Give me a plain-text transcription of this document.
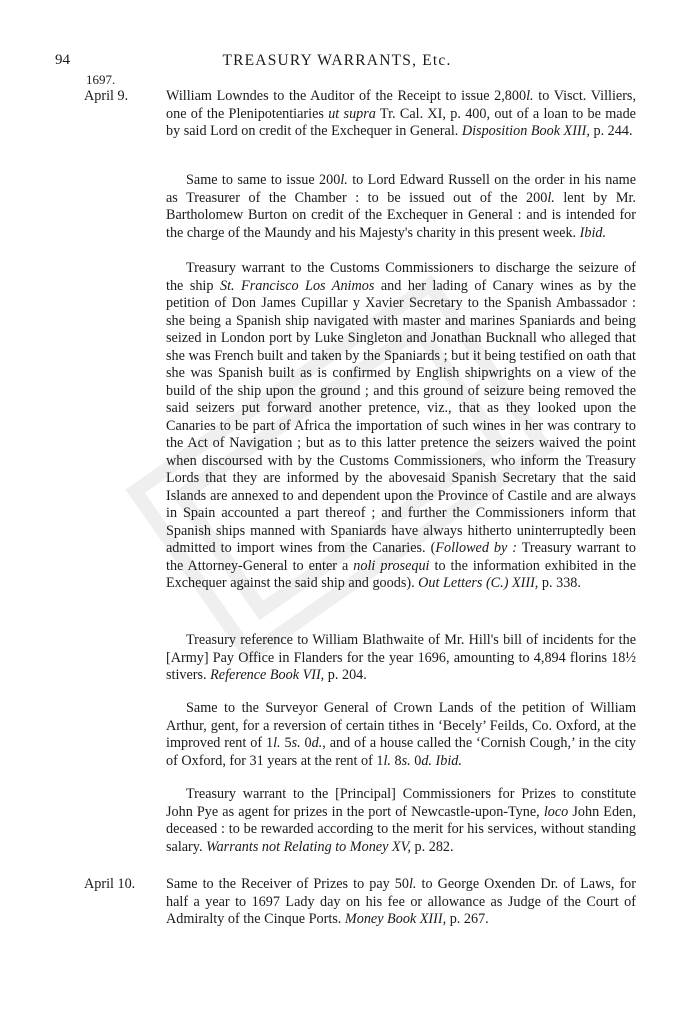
94	TREASURY WARRANTS, Etc.
1697.
April 9.	William Lowndes to the Auditor of the Receipt to issue 2,800l. to Visct. Villiers, one of the Plenipotentiaries ut supra Tr. Cal. XI, p. 400, out of a loan to be made by said Lord on credit of the Exchequer in General. Disposition Book XIII, p. 244.

Same to same to issue 200l. to Lord Edward Russell on the order in his name as Treasurer of the Chamber : to be issued out of the 200l. lent by Mr. Bartholomew Burton on credit of the Exchequer in General : and is intended for the charge of the Maundy and his Majesty's charity in this present week. Ibid.

Treasury warrant to the Customs Commissioners to discharge the seizure of the ship St. Francisco Los Animos and her lading of Canary wines as by the petition of Don James Cupillar y Xavier Secretary to the Spanish Ambassador : she being a Spanish ship navigated with master and marines Spaniards and being seized in London port by Luke Singleton and Jonathan Bucknall who alleged that she was French built and taken by the Spaniards ; but it being testified on oath that she was Spanish built as is confirmed by English shipwrights on a view of the build of the ship upon the ground ; and this ground of seizure being removed the said seizers put forward another pretence, viz., that as they looked upon the Canaries to be part of Africa the importation of such wines in her was contrary to the Act of Navigation ; but as to this latter pretence the seizers waived the point when discoursed with by the Customs Commissioners, who inform the Treasury Lords that they are informed by the abovesaid Spanish Secretary that the said Islands are annexed to and dependent upon the Province of Castile and are always in Spain accounted a part thereof ; and further the Commissioners inform that Spanish ships manned with Spaniards have always hitherto uninterruptedly been admitted to import wines from the Canaries. (Followed by : Treasury warrant to the Attorney-General to enter a noli prosequi to the information exhibited in the Exchequer against the said ship and goods). Out Letters (C.) XIII, p. 338.

Treasury reference to William Blathwaite of Mr. Hill's bill of incidents for the [Army] Pay Office in Flanders for the year 1696, amounting to 4,894 florins 18½ stivers. Reference Book VII, p. 204.

Same to the Surveyor General of Crown Lands of the petition of William Arthur, gent, for a reversion of certain tithes in ‘Becely’ Feilds, Co. Oxford, at the improved rent of 1l. 5s. 0d., and of a house called the ‘Cornish Cough,’ in the city of Oxford, for 31 years at the rent of 1l. 8s. 0d. Ibid.

Treasury warrant to the [Principal] Commissioners for Prizes to constitute John Pye as agent for prizes in the port of Newcastle-upon-Tyne, loco John Eden, deceased : to be rewarded according to the merit for his services, without standing salary. Warrants not Relating to Money XV, p. 282.

April 10.	Same to the Receiver of Prizes to pay 50l. to George Oxenden Dr. of Laws, for half a year to 1697 Lady day on his fee or allowance as Judge of the Court of Admiralty of the Cinque Ports. Money Book XIII, p. 267.
